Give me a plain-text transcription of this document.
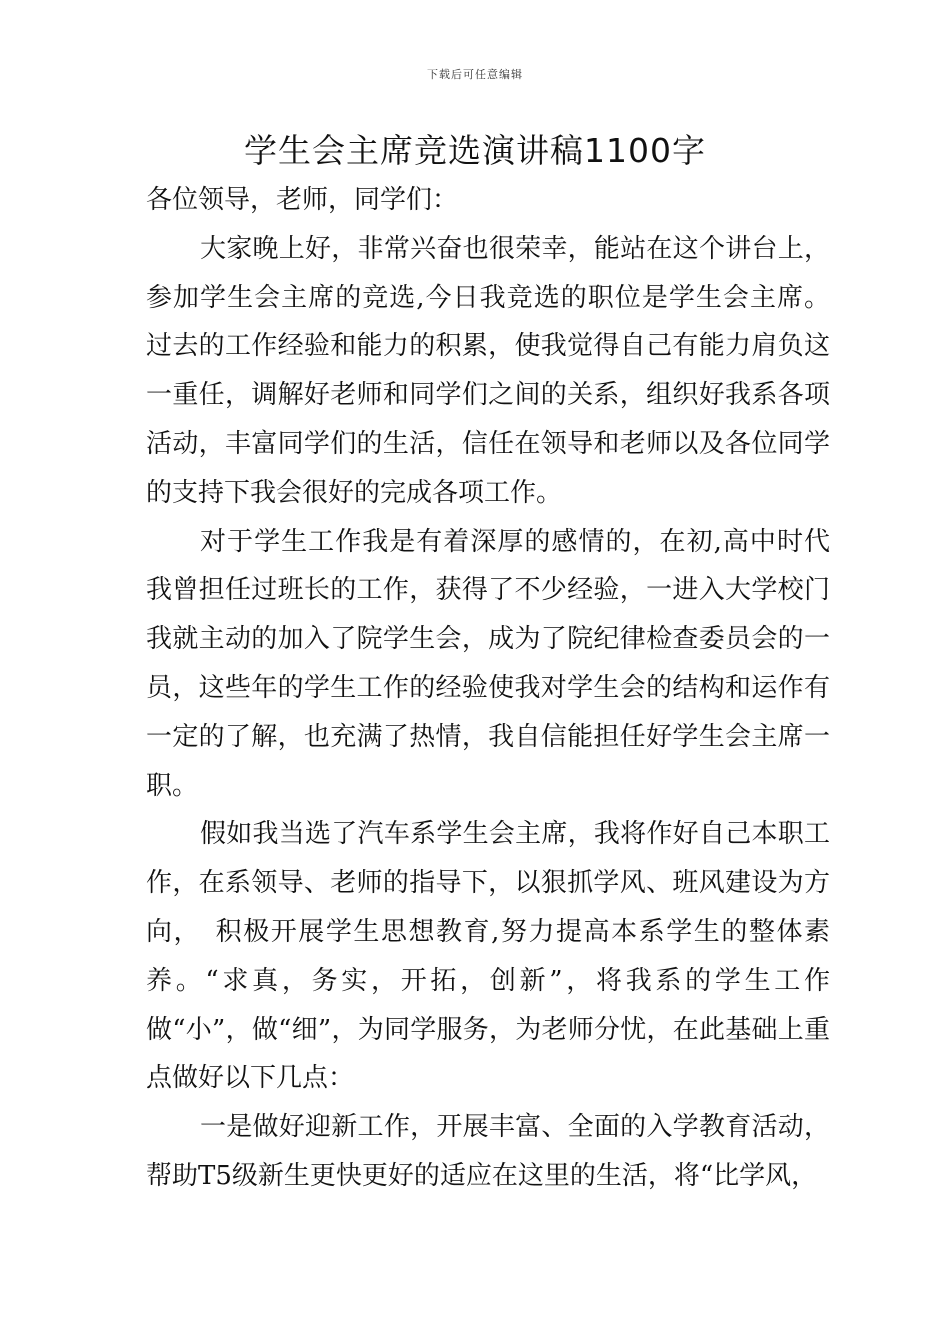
下载后可任意编辑
学生会主席竞选演讲稿1100字

各位领导，老师，同学们：

大家晚上好，非常兴奋也很荣幸，能站在这个讲台上，参加学生会主席的竞选,今日我竞选的职位是学生会主席。过去的工作经验和能力的积累，使我觉得自己有能力肩负这一重任，调解好老师和同学们之间的关系，组织好我系各项活动，丰富同学们的生活，信任在领导和老师以及各位同学的支持下我会很好的完成各项工作。

对于学生工作我是有着深厚的感情的，在初,高中时代我曾担任过班长的工作，获得了不少经验，一进入大学校门我就主动的加入了院学生会，成为了院纪律检查委员会的一员，这些年的学生工作的经验使我对学生会的结构和运作有一定的了解，也充满了热情，我自信能担任好学生会主席一职。

假如我当选了汽车系学生会主席，我将作好自己本职工作，在系领导、老师的指导下，以狠抓学风、班风建设为方向，　积极开展学生思想教育,努力提高本系学生的整体素养。“求真，务实，开拓，创新”，将我系的学生工作做“小”，做“细”，为同学服务，为老师分忧，在此基础上重点做好以下几点：

一是做好迎新工作，开展丰富、全面的入学教育活动，帮助T5级新生更快更好的适应在这里的生活，将“比学风，
